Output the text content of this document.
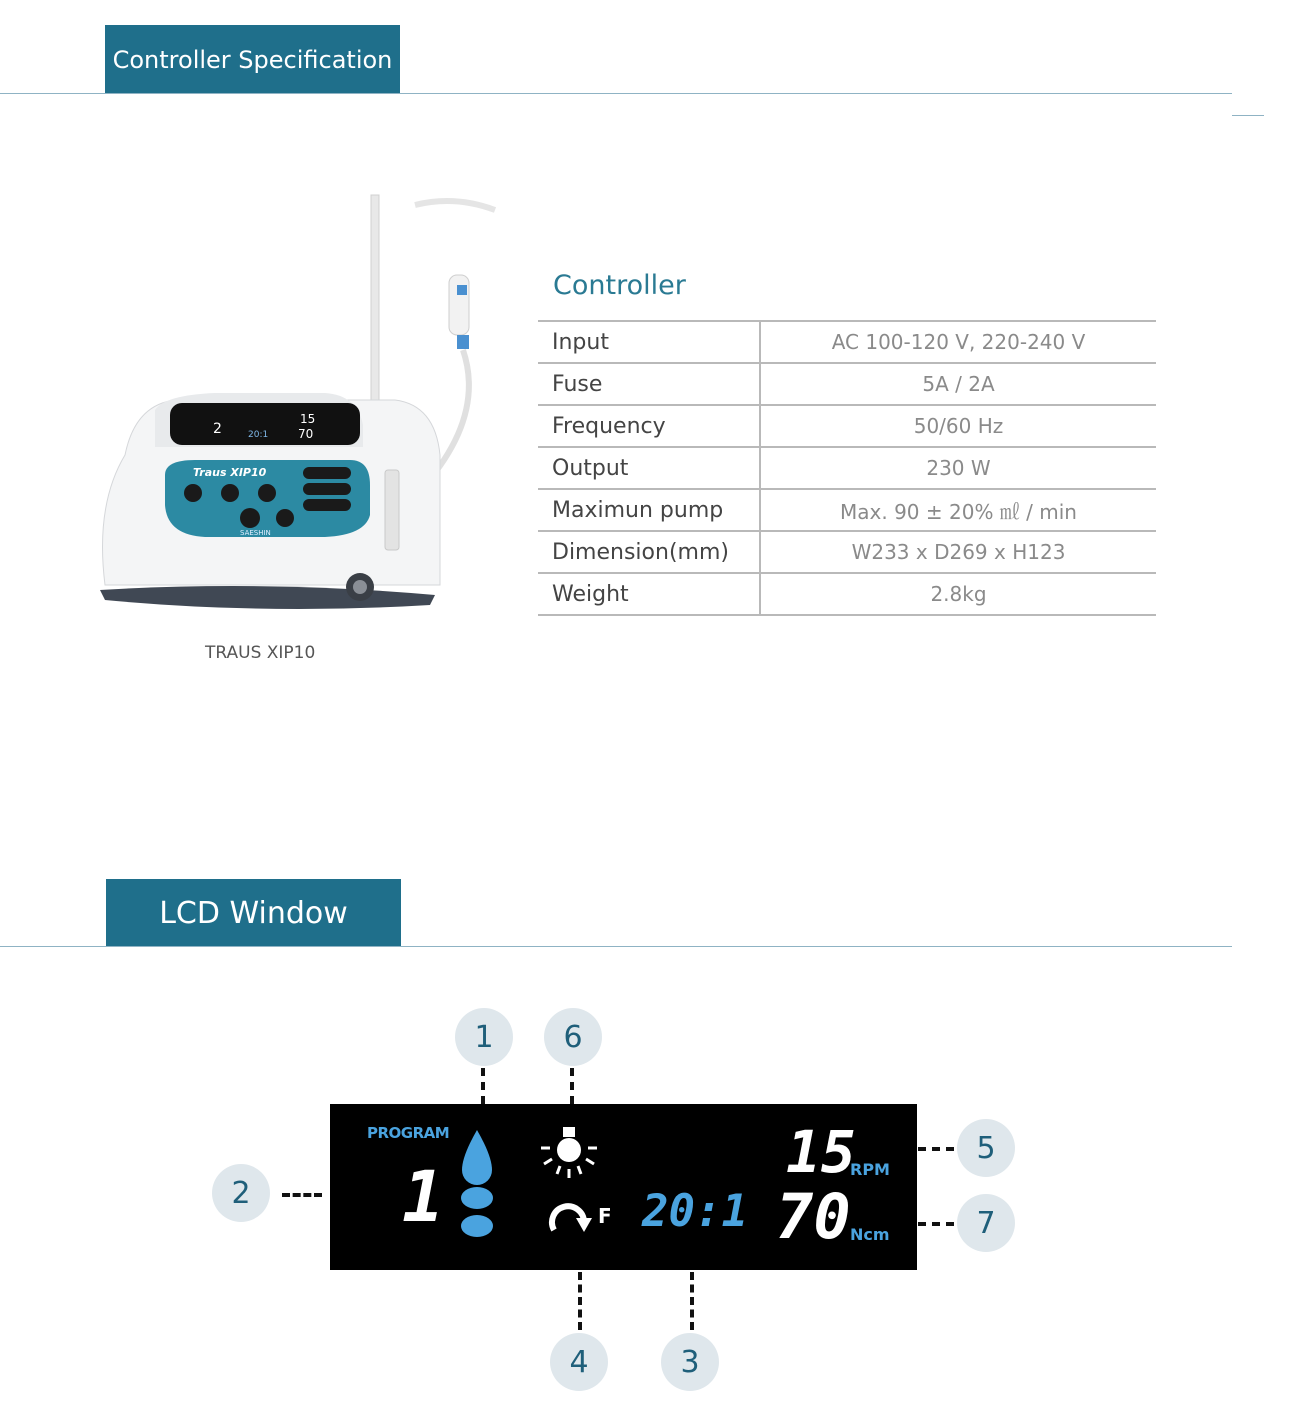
Controller Specification
2	20:1
15
70
Traus XIP10
SAESHIN
TRAUS XIP10
Controller
Input	AC 100-120 V, 220-240 V
Fuse	5A / 2A
Frequency	50/60 Hz
Output	230 W
Maximun pump	Max. 90 ± 20% ㎖ / min
Dimension(mm)	W233 x D269 x H123
Weight	2.8kg
LCD Window
PROGRAM
1	F 20:1
15
RPM
70 Ncm
1	6
2
5
7
4	3
